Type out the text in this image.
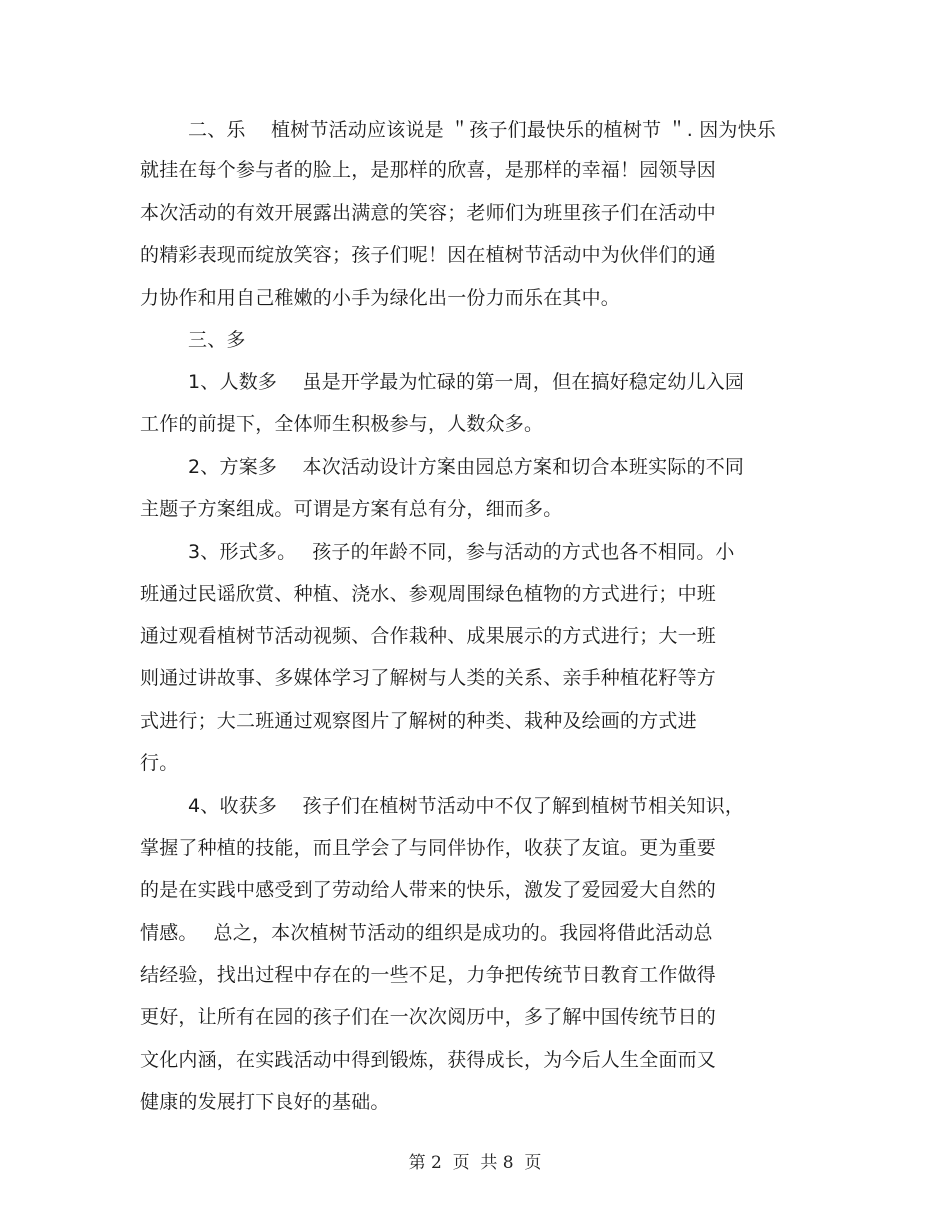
二、乐　 植树节活动应该说是 ＂孩子们最快乐的植树节 ＂. 因为快乐
就挂在每个参与者的脸上，是那样的欣喜，是那样的幸福！园领导因
本次活动的有效开展露出满意的笑容；老师们为班里孩子们在活动中
的精彩表现而绽放笑容；孩子们呢！因在植树节活动中为伙伴们的通
力协作和用自己稚嫩的小手为绿化出一份力而乐在其中。
三、多
1、人数多　 虽是开学最为忙碌的第一周，但在搞好稳定幼儿入园
工作的前提下，全体师生积极参与，人数众多。
2、方案多　 本次活动设计方案由园总方案和切合本班实际的不同
主题子方案组成。可谓是方案有总有分，细而多。
3、形式多。　 孩子的年龄不同，参与活动的方式也各不相同。小
班通过民谣欣赏、种植、浇水、参观周围绿色植物的方式进行；中班
通过观看植树节活动视频、合作栽种、成果展示的方式进行；大一班
则通过讲故事、多媒体学习了解树与人类的关系、亲手种植花籽等方
式进行；大二班通过观察图片了解树的种类、栽种及绘画的方式进
行。
4、收获多　 孩子们在植树节活动中不仅了解到植树节相关知识，
掌握了种植的技能，而且学会了与同伴协作，收获了友谊。更为重要
的是在实践中感受到了劳动给人带来的快乐，激发了爱园爱大自然的
情感。　 总之，本次植树节活动的组织是成功的。我园将借此活动总
结经验，找出过程中存在的一些不足，力争把传统节日教育工作做得
更好，让所有在园的孩子们在一次次阅历中，多了解中国传统节日的
文化内涵，在实践活动中得到锻炼，获得成长，为今后人生全面而又
健康的发展打下良好的基础。
第 2  页  共 8  页
